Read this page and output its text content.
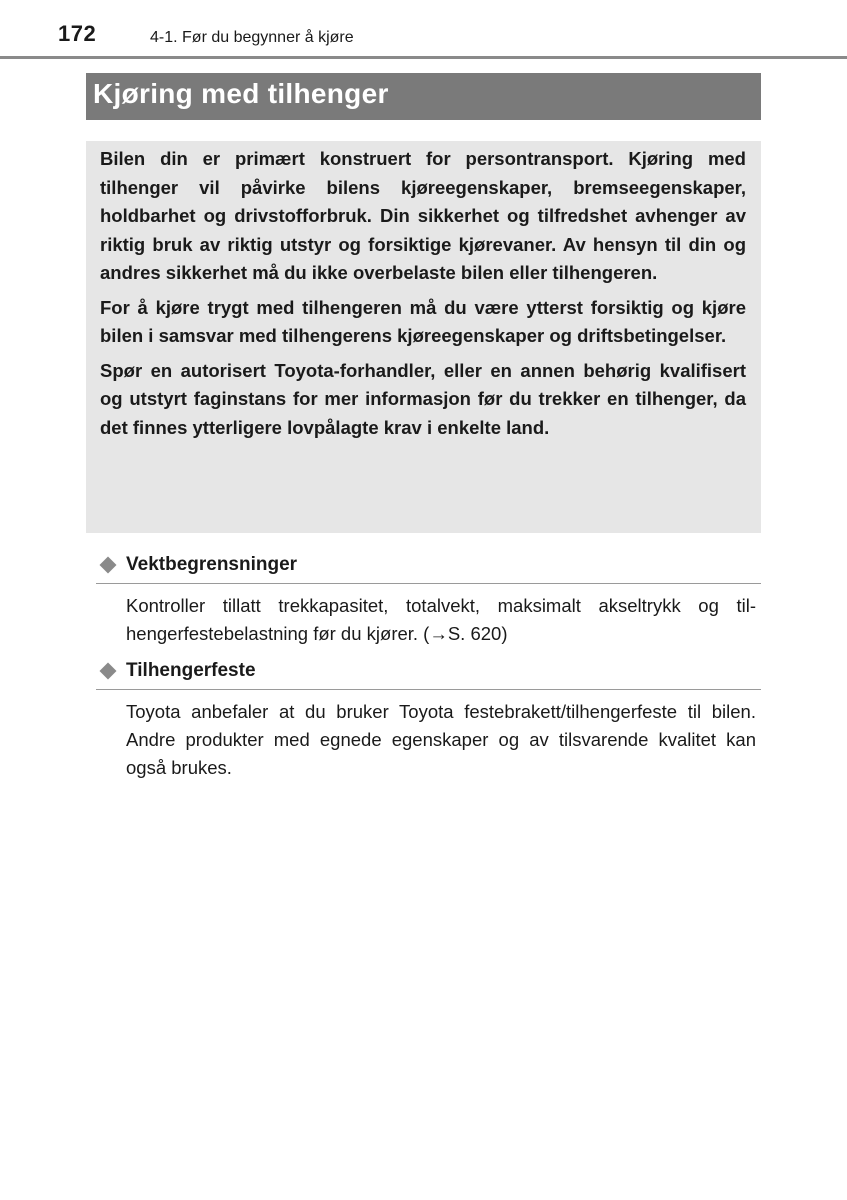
172	4-1. Før du begynner å kjøre
Kjøring med tilhenger

Bilen din er primært konstruert for persontransport. Kjøring med tilhenger vil påvirke bilens kjøreegenskaper, bremseegenskaper, holdbarhet og drivstofforbruk. Din sikkerhet og tilfredshet avhenger av riktig bruk av riktig utstyr og forsiktige kjørevaner. Av hensyn til din og andres sikkerhet må du ikke overbelaste bilen eller tilhengeren.

For å kjøre trygt med tilhengeren må du være ytterst forsiktig og kjøre bilen i samsvar med tilhengerens kjøreegenskaper og driftsbetingelser.

Spør en autorisert Toyota-forhandler, eller en annen behørig kvalifisert og utstyrt faginstans for mer informasjon før du trekker en tilhenger, da det finnes ytterligere lovpålagte krav i enkelte land.

Vektbegrensninger
Kontroller tillatt trekkapasitet, totalvekt, maksimalt akseltrykk og tilhengerfestebelastning før du kjører. (→S. 620)
Tilhengerfeste
Toyota anbefaler at du bruker Toyota festebrakett/tilhengerfeste til bilen. Andre produkter med egnede egenskaper og av tilsvarende kvalitet kan også brukes.
